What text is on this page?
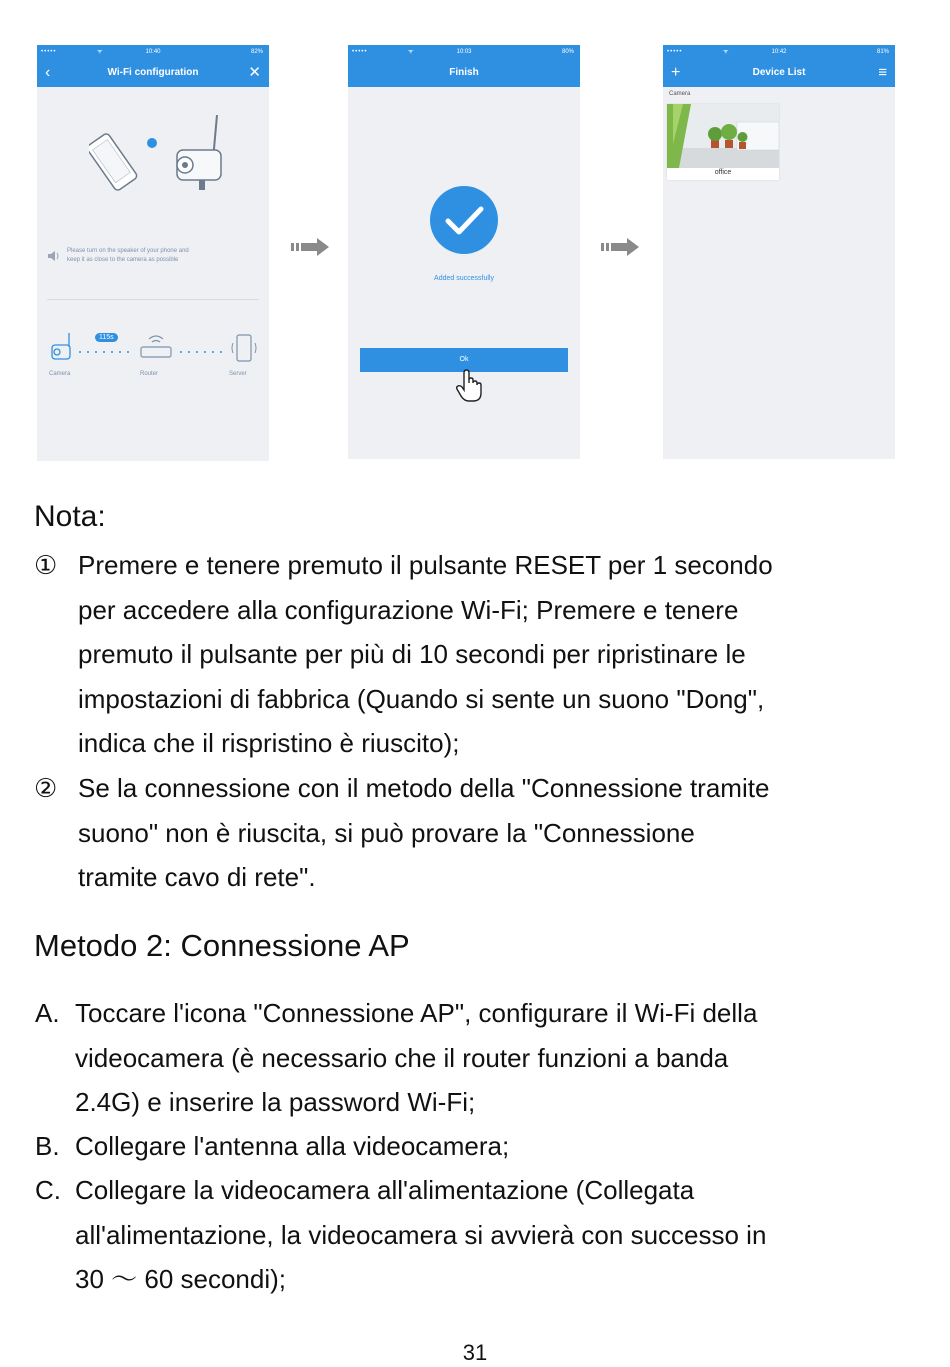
•••••	ᯤ	10:40	82%
‹	Wi-Fi configuration	✕
Please turn on the speaker of your phone and
keep it as close to the camera as possible
115s
Camera	Router	Server
•••••	ᯤ	10:03	80%
Finish
Added successfully
Ok
•••••	ᯤ	10:42	81%
+	Device List	≡
Camera
office
Nota:
① Premere e tenere premuto il pulsante RESET per 1 secondo
per accedere alla configurazione Wi-Fi; Premere e tenere
premuto il pulsante per più di 10 secondi per ripristinare le
impostazioni di fabbrica (Quando si sente un suono "Dong",
indica che il rispristino è riuscito);
② Se la connessione con il metodo della "Connessione tramite
suono" non è riuscita, si può provare la "Connessione
tramite cavo di rete".
Metodo 2: Connessione AP
A. Toccare l'icona "Connessione AP", configurare il Wi-Fi della
videocamera (è necessario che il router funzioni a banda
2.4G) e inserire la password Wi-Fi;
B. Collegare l'antenna alla videocamera;
C. Collegare la videocamera all'alimentazione (Collegata
all'alimentazione, la videocamera si avvierà con successo in
30 ～ 60 secondi);
31
